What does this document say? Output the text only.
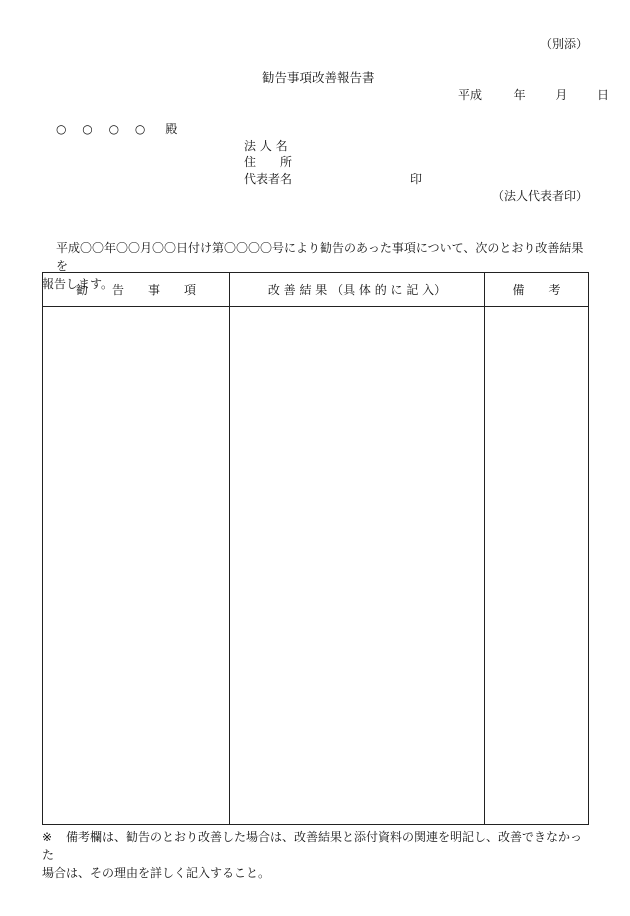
（別添）
勧告事項改善報告書
平成	年 月 日
○ ○ ○ ○ 殿
法 人 名
住　　所
代表者名	印
（法人代表者印）
平成〇〇年〇〇月〇〇日付け第〇〇〇〇号により勧告のあった事項について、次のとおり改善結果を
報告します。
勧　　告　　事　　項	改 善 結 果 （具 体 的 に 記 入）	備　　考

※ 備考欄は、勧告のとおり改善した場合は、改善結果と添付資料の関連を明記し、改善できなかった
場合は、その理由を詳しく記入すること。
